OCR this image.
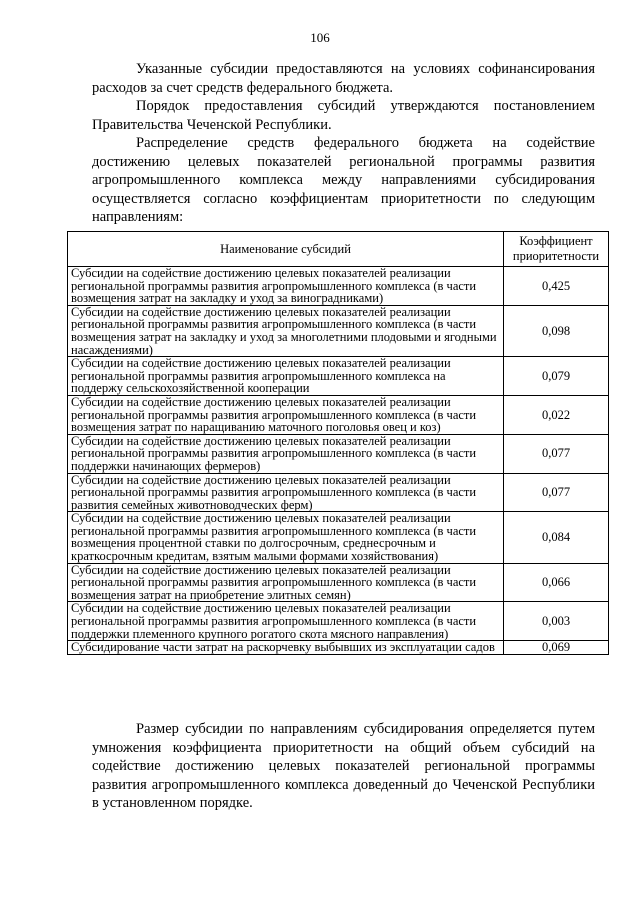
106

Указанные субсидии предоставляются на условиях софинансирования расходов за счет средств федерального бюджета.

Порядок предоставления субсидий утверждаются постановлением Правительства Чеченской Республики.

Распределение средств федерального бюджета на содействие достижению целевых показателей региональной программы развития агропромышленного комплекса между направлениями субсидирования осуществляется согласно коэффициентам приоритетности по следующим направлениям:

Наименование субсидий	Коэффициент приоритетности
Субсидии на содействие достижению целевых показателей реализации региональной программы развития агропромышленного комплекса (в части возмещения затрат на закладку и уход за виноградниками)	0,425
Субсидии на содействие достижению целевых показателей реализации региональной программы развития агропромышленного комплекса (в части возмещения затрат на закладку и уход за многолетними плодовыми и ягодными насаждениями)	0,098
Субсидии на содействие достижению целевых показателей реализации региональной программы развития агропромышленного комплекса на поддержу сельскохозяйственной кооперации	0,079
Субсидии на содействие достижению целевых показателей реализации региональной программы развития агропромышленного комплекса (в части возмещения затрат по наращиванию маточного поголовья овец и коз)	0,022
Субсидии на содействие достижению целевых показателей реализации региональной программы развития агропромышленного комплекса (в части поддержки начинающих фермеров)	0,077
Субсидии на содействие достижению целевых показателей реализации региональной программы развития агропромышленного комплекса (в части развития семейных животноводческих ферм)	0,077
Субсидии на содействие достижению целевых показателей реализации региональной программы развития агропромышленного комплекса (в части возмещения процентной ставки по долгосрочным, среднесрочным и краткосрочным кредитам, взятым малыми формами хозяйствования)	0,084
Субсидии на содействие достижению целевых показателей реализации региональной программы развития агропромышленного комплекса (в части возмещения затрат на приобретение элитных семян)	0,066
Субсидии на содействие достижению целевых показателей реализации региональной программы развития агропромышленного комплекса (в части поддержки племенного крупного рогатого скота мясного направления)	0,003
Субсидирование части затрат на раскорчевку выбывших из эксплуатации садов	0,069

Размер субсидии по направлениям субсидирования определяется путем умножения коэффициента приоритетности на общий объем субсидий на содействие достижению целевых показателей региональной программы развития агропромышленного комплекса доведенный до Чеченской Республики в установленном порядке.
